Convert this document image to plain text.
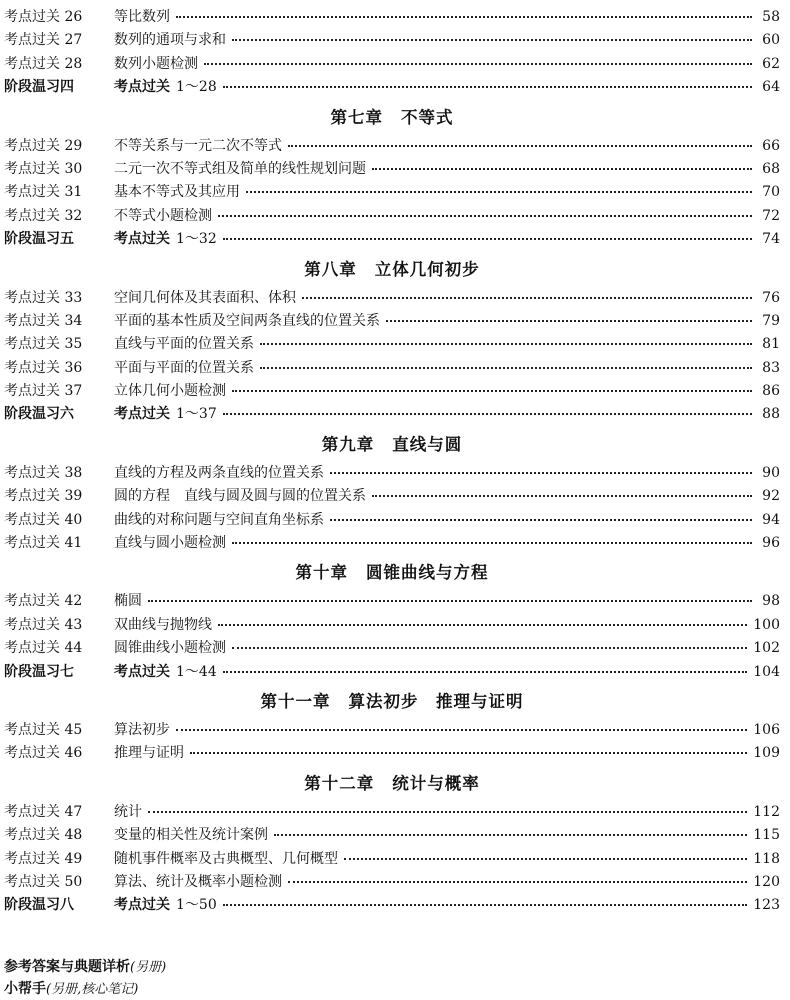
考点过关 26	等比数列	58
考点过关 27	数列的通项与求和	60
考点过关 28	数列小题检测	62
阶段温习四	考点过关 1～28	64
第七章 不等式
考点过关 29	不等关系与一元二次不等式	66
考点过关 30	二元一次不等式组及简单的线性规划问题	68
考点过关 31	基本不等式及其应用	70
考点过关 32	不等式小题检测	72
阶段温习五	考点过关 1～32	74
第八章 立体几何初步
考点过关 33	空间几何体及其表面积、体积	76
考点过关 34	平面的基本性质及空间两条直线的位置关系	79
考点过关 35	直线与平面的位置关系	81
考点过关 36	平面与平面的位置关系	83
考点过关 37	立体几何小题检测	86
阶段温习六	考点过关 1～37	88
第九章 直线与圆
考点过关 38	直线的方程及两条直线的位置关系	90
考点过关 39	圆的方程　直线与圆及圆与圆的位置关系	92
考点过关 40	曲线的对称问题与空间直角坐标系	94
考点过关 41	直线与圆小题检测	96
第十章 圆锥曲线与方程
考点过关 42	椭圆	98
考点过关 43	双曲线与抛物线	100
考点过关 44	圆锥曲线小题检测	102
阶段温习七	考点过关 1～44	104
第十一章 算法初步　推理与证明
考点过关 45	算法初步	106
考点过关 46	推理与证明	109
第十二章 统计与概率
考点过关 47	统计	112
考点过关 48	变量的相关性及统计案例	115
考点过关 49	随机事件概率及古典概型、几何概型	118
考点过关 50	算法、统计及概率小题检测	120
阶段温习八	考点过关 1～50	123
参考答案与典题详析(另册)
小帮手(另册,核心笔记)
